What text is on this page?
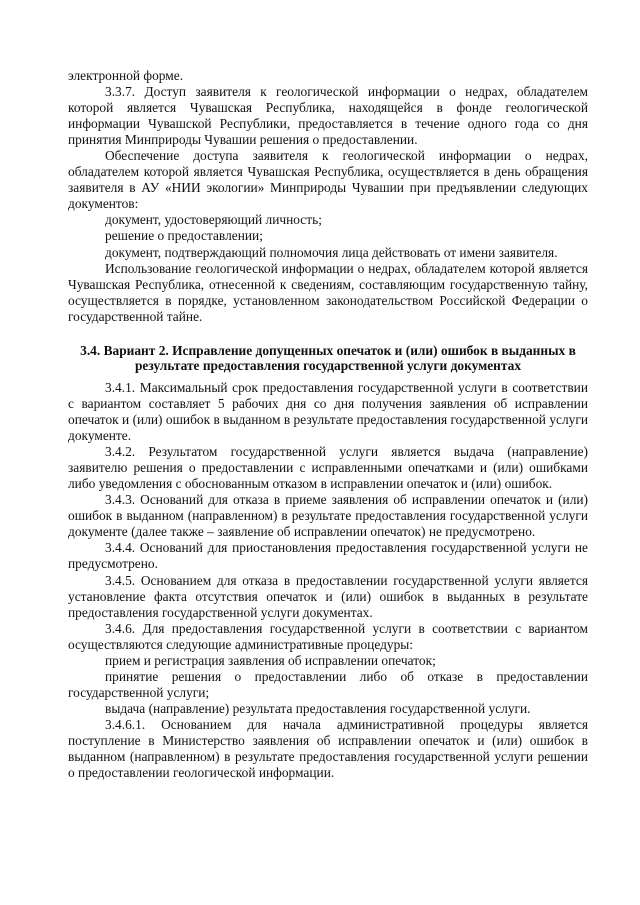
электронной форме.

3.3.7. Доступ заявителя к геологической информации о недрах, обладателем которой является Чувашская Республика, находящейся в фонде геологической информации Чувашской Республики, предоставляется в течение одного года со дня принятия Минприроды Чувашии решения о предоставлении.

Обеспечение доступа заявителя к геологической информации о недрах, обладателем которой является Чувашская Республика, осуществляется в день обращения заявителя в АУ «НИИ экологии» Минприроды Чувашии при предъявлении следующих документов:

документ, удостоверяющий личность;

решение о предоставлении;

документ, подтверждающий полномочия лица действовать от имени заявителя.

Использование геологической информации о недрах, обладателем которой является Чувашская Республика, отнесенной к сведениям, составляющим государственную тайну, осуществляется в порядке, установленном законодательством Российской Федерации о государственной тайне.

3.4. Вариант 2. Исправление допущенных опечаток и (или) ошибок в выданных в результате предоставления государственной услуги документах

3.4.1. Максимальный срок предоставления государственной услуги в соответствии с вариантом составляет 5 рабочих дня со дня получения заявления об исправлении опечаток и (или) ошибок в выданном в результате предоставления государственной услуги документе.

3.4.2. Результатом государственной услуги является выдача (направление) заявителю решения о предоставлении с исправленными опечатками и (или) ошибками либо уведомления с обоснованным отказом в исправлении опечаток и (или) ошибок.

3.4.3. Оснований для отказа в приеме заявления об исправлении опечаток и (или) ошибок в выданном (направленном) в результате предоставления государственной услуги документе (далее также – заявление об исправлении опечаток) не предусмотрено.

3.4.4. Оснований для приостановления предоставления государственной услуги не предусмотрено.

3.4.5. Основанием для отказа в предоставлении государственной услуги является установление факта отсутствия опечаток и (или) ошибок в выданных в результате предоставления государственной услуги документах.

3.4.6. Для предоставления государственной услуги в соответствии с вариантом осуществляются следующие административные процедуры:

прием и регистрация заявления об исправлении опечаток;

принятие решения о предоставлении либо об отказе в предоставлении государственной услуги;

выдача (направление) результата предоставления государственной услуги.

3.4.6.1. Основанием для начала административной процедуры является поступление в Министерство заявления об исправлении опечаток и (или) ошибок в выданном (направленном) в результате предоставления государственной услуги решении о предоставлении геологической информации.
